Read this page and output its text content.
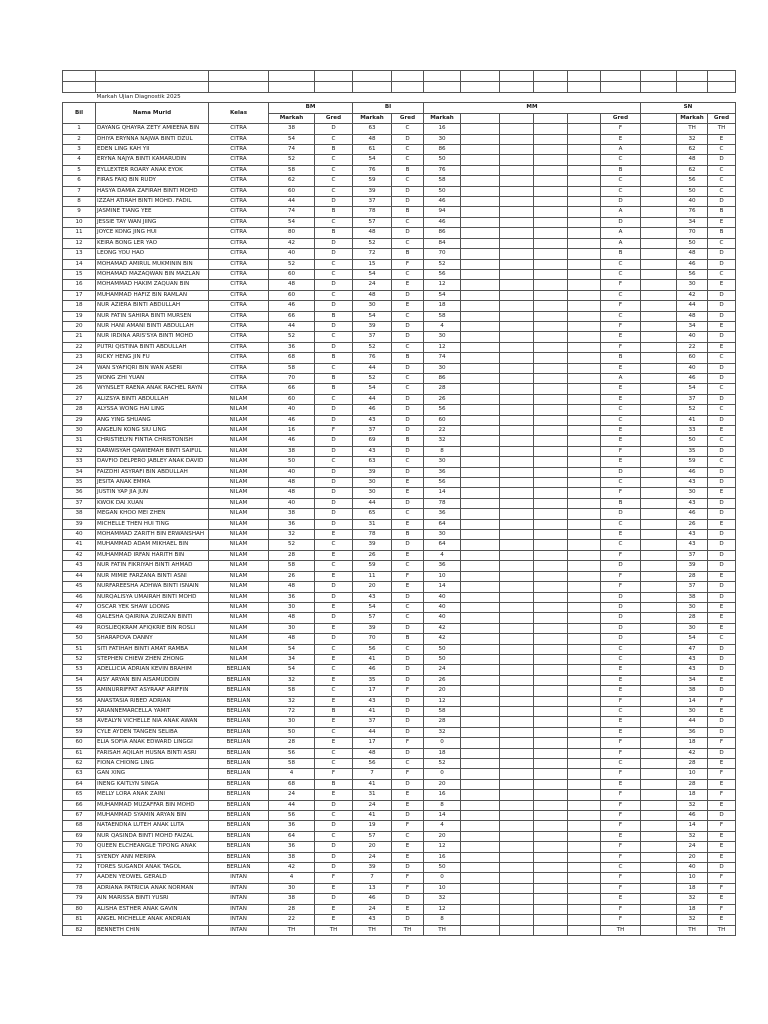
	Markah Ujian Diagnostik 2025														
Bil	Nama Murid	Kelas	BM		BI		MM						SN		
			Markah	Gred	Markah	Gred	Markah					Gred		Markah	Gred
1	DAYANG QHAYRA ZETY AMIEENA BIN	CITRA	38	D	63	C	16					F		TH	TH
2	DHIYA ERYNNA NAJWA BINTI DZUL	CITRA	54	C	48	D	30					E		32	E
3	EDEN LING KAH YII	CITRA	74	B	61	C	86					A		62	C
4	ERYNA NAJYA BINTI KAMARUDIN	CITRA	52	C	54	C	50					C		48	D
5	EYLLEXTER ROARY ANAK EYOK	CITRA	58	C	76	B	76					B		62	C
6	FIRAS FAIQ BIN RUDY	CITRA	62	C	59	C	58					C		56	C
7	HASYA DAMIA ZAFIRAH BINTI MOHD	CITRA	60	C	39	D	50					C		50	C
8	IZZAH ATIRAH BINTI MOHD. FADIL	CITRA	44	D	37	D	46					D		40	D
9	JASMINE TIANG YEE	CITRA	74	B	78	B	94					A		76	B
10	JESSIE TAY WAN JIING	CITRA	54	C	57	C	46					D		34	E
11	JOYCE KONG JING HUI	CITRA	80	B	48	D	86					A		70	B
12	KEIRA BONG LER YAO	CITRA	42	D	52	C	84					A		50	C
13	LEONG YOU HAO	CITRA	40	D	72	B	70					B		48	D
14	MOHAMAD AMIRUL MUKMININ BIN	CITRA	52	C	15	F	52					C		46	D
15	MOHAMAD MAZAQWAN BIN MAZLAN	CITRA	60	C	54	C	56					C		56	C
16	MOHAMMAD HAKIM ZAQUAN BIN	CITRA	48	D	24	E	12					F		30	E
17	MUHAMMAD HAFIZ BIN RAMLAN	CITRA	60	C	48	D	54					C		42	D
18	NUR AZIERA BINTI ABDULLAH	CITRA	46	D	30	E	18					F		44	D
19	NUR FATIN SAHIRA BINTI MURSEN	CITRA	66	B	54	C	58					C		48	D
20	NUR HANI AMANI BINTI ABDULLAH	CITRA	44	D	39	D	4					F		34	E
21	NUR IRDINA ARIS'SYA BINTI MOHD	CITRA	52	C	37	D	30					E		40	D
22	PUTRI QISTINA BINTI ABDULLAH	CITRA	36	D	52	C	12					F		22	E
23	RICKY HENG JIN FU	CITRA	68	B	76	B	74					B		60	C
24	WAN SYAFIQRI BIN WAN ASERI	CITRA	58	C	44	D	30					E		40	D
25	WONG ZHI YUAN	CITRA	70	B	52	C	86					A		46	D
26	WYNSLET RAENA ANAK RACHEL RAYN	CITRA	66	B	54	C	28					E		54	C
27	ALIZSYA BINTI ABDULLAH	NILAM	60	C	44	D	26					E		37	D
28	ALYSSA WONG HAI LING	NILAM	40	D	46	D	56					C		52	C
29	ANG YING SHUANG	NILAM	46	D	43	D	60					C		41	D
30	ANGELIN KONG SIU LING	NILAM	16	F	37	D	22					E		33	E
31	CHRISTIELYN FINTIA CHRISTONISH	NILAM	46	D	69	B	32					E		50	C
32	DARWISYAH QAWIEMAH BINTI SAIFUL	NILAM	38	D	43	D	8					F		35	D
33	DAVFIO DELPERO JABLEY ANAK DAVID	NILAM	50	C	63	C	30					E		59	C
34	FAIZDHI ASYRAFI BIN ABDULLAH	NILAM	40	D	39	D	36					D		46	D
35	JESITA ANAK EMMA	NILAM	48	D	30	E	56					C		43	D
36	JUSTIN YAP JIA JUN	NILAM	48	D	30	E	14					F		30	E
37	KWOK DAI XUAN	NILAM	40	D	44	D	78					B		43	D
38	MEGAN KHOO MEI ZHEN	NILAM	38	D	65	C	36					D		46	D
39	MICHELLE THEN HUI TING	NILAM	36	D	31	E	64					C		26	E
40	MOHAMMAD ZARITH BIN ERWANSHAH	NILAM	32	E	78	B	30					E		43	D
41	MUHAMMAD ADAM MIKHAEL BIN	NILAM	52	C	39	D	64					C		43	D
42	MUHAMMAD IRFAN HARITH BIN	NILAM	28	E	26	E	4					F		37	D
43	NUR FATIN FIKRIYAH BINTI AHMAD	NILAM	58	C	59	C	36					D		39	D
44	NUR MIMIE FARZANA BINTI ASNI	NILAM	26	E	11	F	10					F		28	E
45	NURFAREESHA ADHWA BINTI ISNAIN	NILAM	48	D	20	E	14					F		37	D
46	NURQALISYA UMAIRAH BINTI MOHD	NILAM	36	D	43	D	40					D		38	D
47	OSCAR YEK SHAW LOONG	NILAM	30	E	54	C	40					D		30	E
48	QALESHA QAIRINA ZURIZAN BINTI	NILAM	48	D	57	C	40					D		28	E
49	ROSLIEQKRAM AFIQKRIE BIN ROSLI	NILAM	30	E	39	D	42					D		30	E
50	SHARAPOVA DANNY	NILAM	48	D	70	B	42					D		54	C
51	SITI FATIHAH BINTI AMAT RAMBA	NILAM	54	C	56	C	50					C		47	D
52	STEPHEN CHIEW ZHEN ZHONG	NILAM	34	E	41	D	50					C		43	D
53	ADELLICIA ADRIAN KEVIN BRAHIM	BERLIAN	54	C	46	D	24					E		43	D
54	AISY ARYAN BIN AISAMUDDIN	BERLIAN	32	E	35	D	26					E		34	E
55	AMINURRIFFAT ASYRAAF ARIFFIN	BERLIAN	58	C	17	F	20					E		38	D
56	ANASTASIA RIBED ADRIAN	BERLIAN	32	E	43	D	12					F		14	F
57	ARIANNEMARCELLA YAMIT	BERLIAN	72	B	41	D	58					C		30	E
58	AVEALYN VICHELLE NIA ANAK AWAN	BERLIAN	30	E	37	D	28					E		44	D
59	CYLE AYDEN TANGEN SELIBA	BERLIAN	50	C	44	D	32					E		36	D
60	ELIA SOFIA ANAK EDWARD LINGGI	BERLIAN	28	E	17	F	0					F		18	F
61	FARISAH AQILAH HUSNA BINTI ASRI	BERLIAN	56	C	48	D	18					F		42	D
62	FIONA CHIONG LING	BERLIAN	58	C	56	C	52					C		28	E
63	GAN XING	BERLIAN	4	F	7	F	0					F		10	F
64	INENG KAITLYN SINGA	BERLIAN	68	B	41	D	20					E		28	E
65	MELLY LORA ANAK ZAINI	BERLIAN	24	E	31	E	16					F		18	F
66	MUHAMMAD MUZAFFAR BIN MOHD	BERLIAN	44	D	24	E	8					F		32	E
67	MUHAMMAD SYAMIN ARYAN BIN	BERLIAN	56	C	41	D	14					F		46	D
68	NATAENDNA LUTEH ANAK LUTA	BERLIAN	36	D	19	F	4					F		14	F
69	NUR QASINDA BINTI MOHD FAIZAL	BERLIAN	64	C	57	C	20					E		32	E
70	QUEEN ELCHEANGLE TIPONG ANAK	BERLIAN	36	D	20	E	12					F		24	E
71	SYENDY ANN MERIPA	BERLIAN	38	D	24	E	16					F		20	E
72	TORES SUGANDI ANAK TAGOL	BERLIAN	42	D	39	D	50					C		40	D
77	AADEN YEOWEL GERALD	INTAN	4	F	7	F	0					F		10	F
78	ADRIANA PATRICIA ANAK NORMAN	INTAN	30	E	13	F	10					F		18	F
79	AIN MARISSA BINTI YUSRI	INTAN	38	D	46	D	32					E		32	E
80	ALISHA ESTHER ANAK GAVIN	INTAN	28	E	24	E	12					F		18	F
81	ANGEL MICHELLE ANAK ANDRIAN	INTAN	22	E	43	D	8					F		32	E
82	BENNETH CHIN	INTAN	TH	TH	TH	TH	TH					TH		TH	TH
